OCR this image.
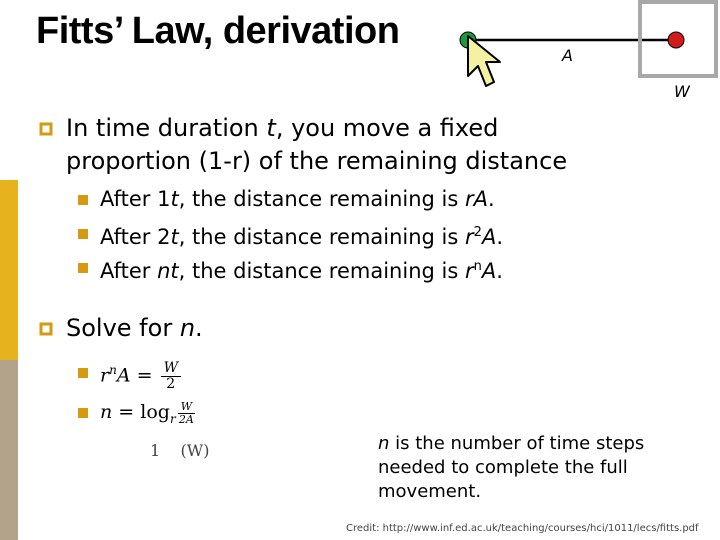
Fitts’ Law, derivation
A
W
In time duration t, you move a fixed
proportion (1-r) of the remaining distance
After 1t, the distance remaining is rA.
After 2t, the distance remaining is $r^2A$.
After nt, the distance remaining is $r^nA$.
Solve for n.
$r^nA = \frac{W}{2}$
$n = \log_r \frac{W}{2A}$
1    (W)	n is the number of time steps needed to complete the full movement.
Credit: http://www.inf.ed.ac.uk/teaching/courses/hci/1011/lecs/fitts.pdf
